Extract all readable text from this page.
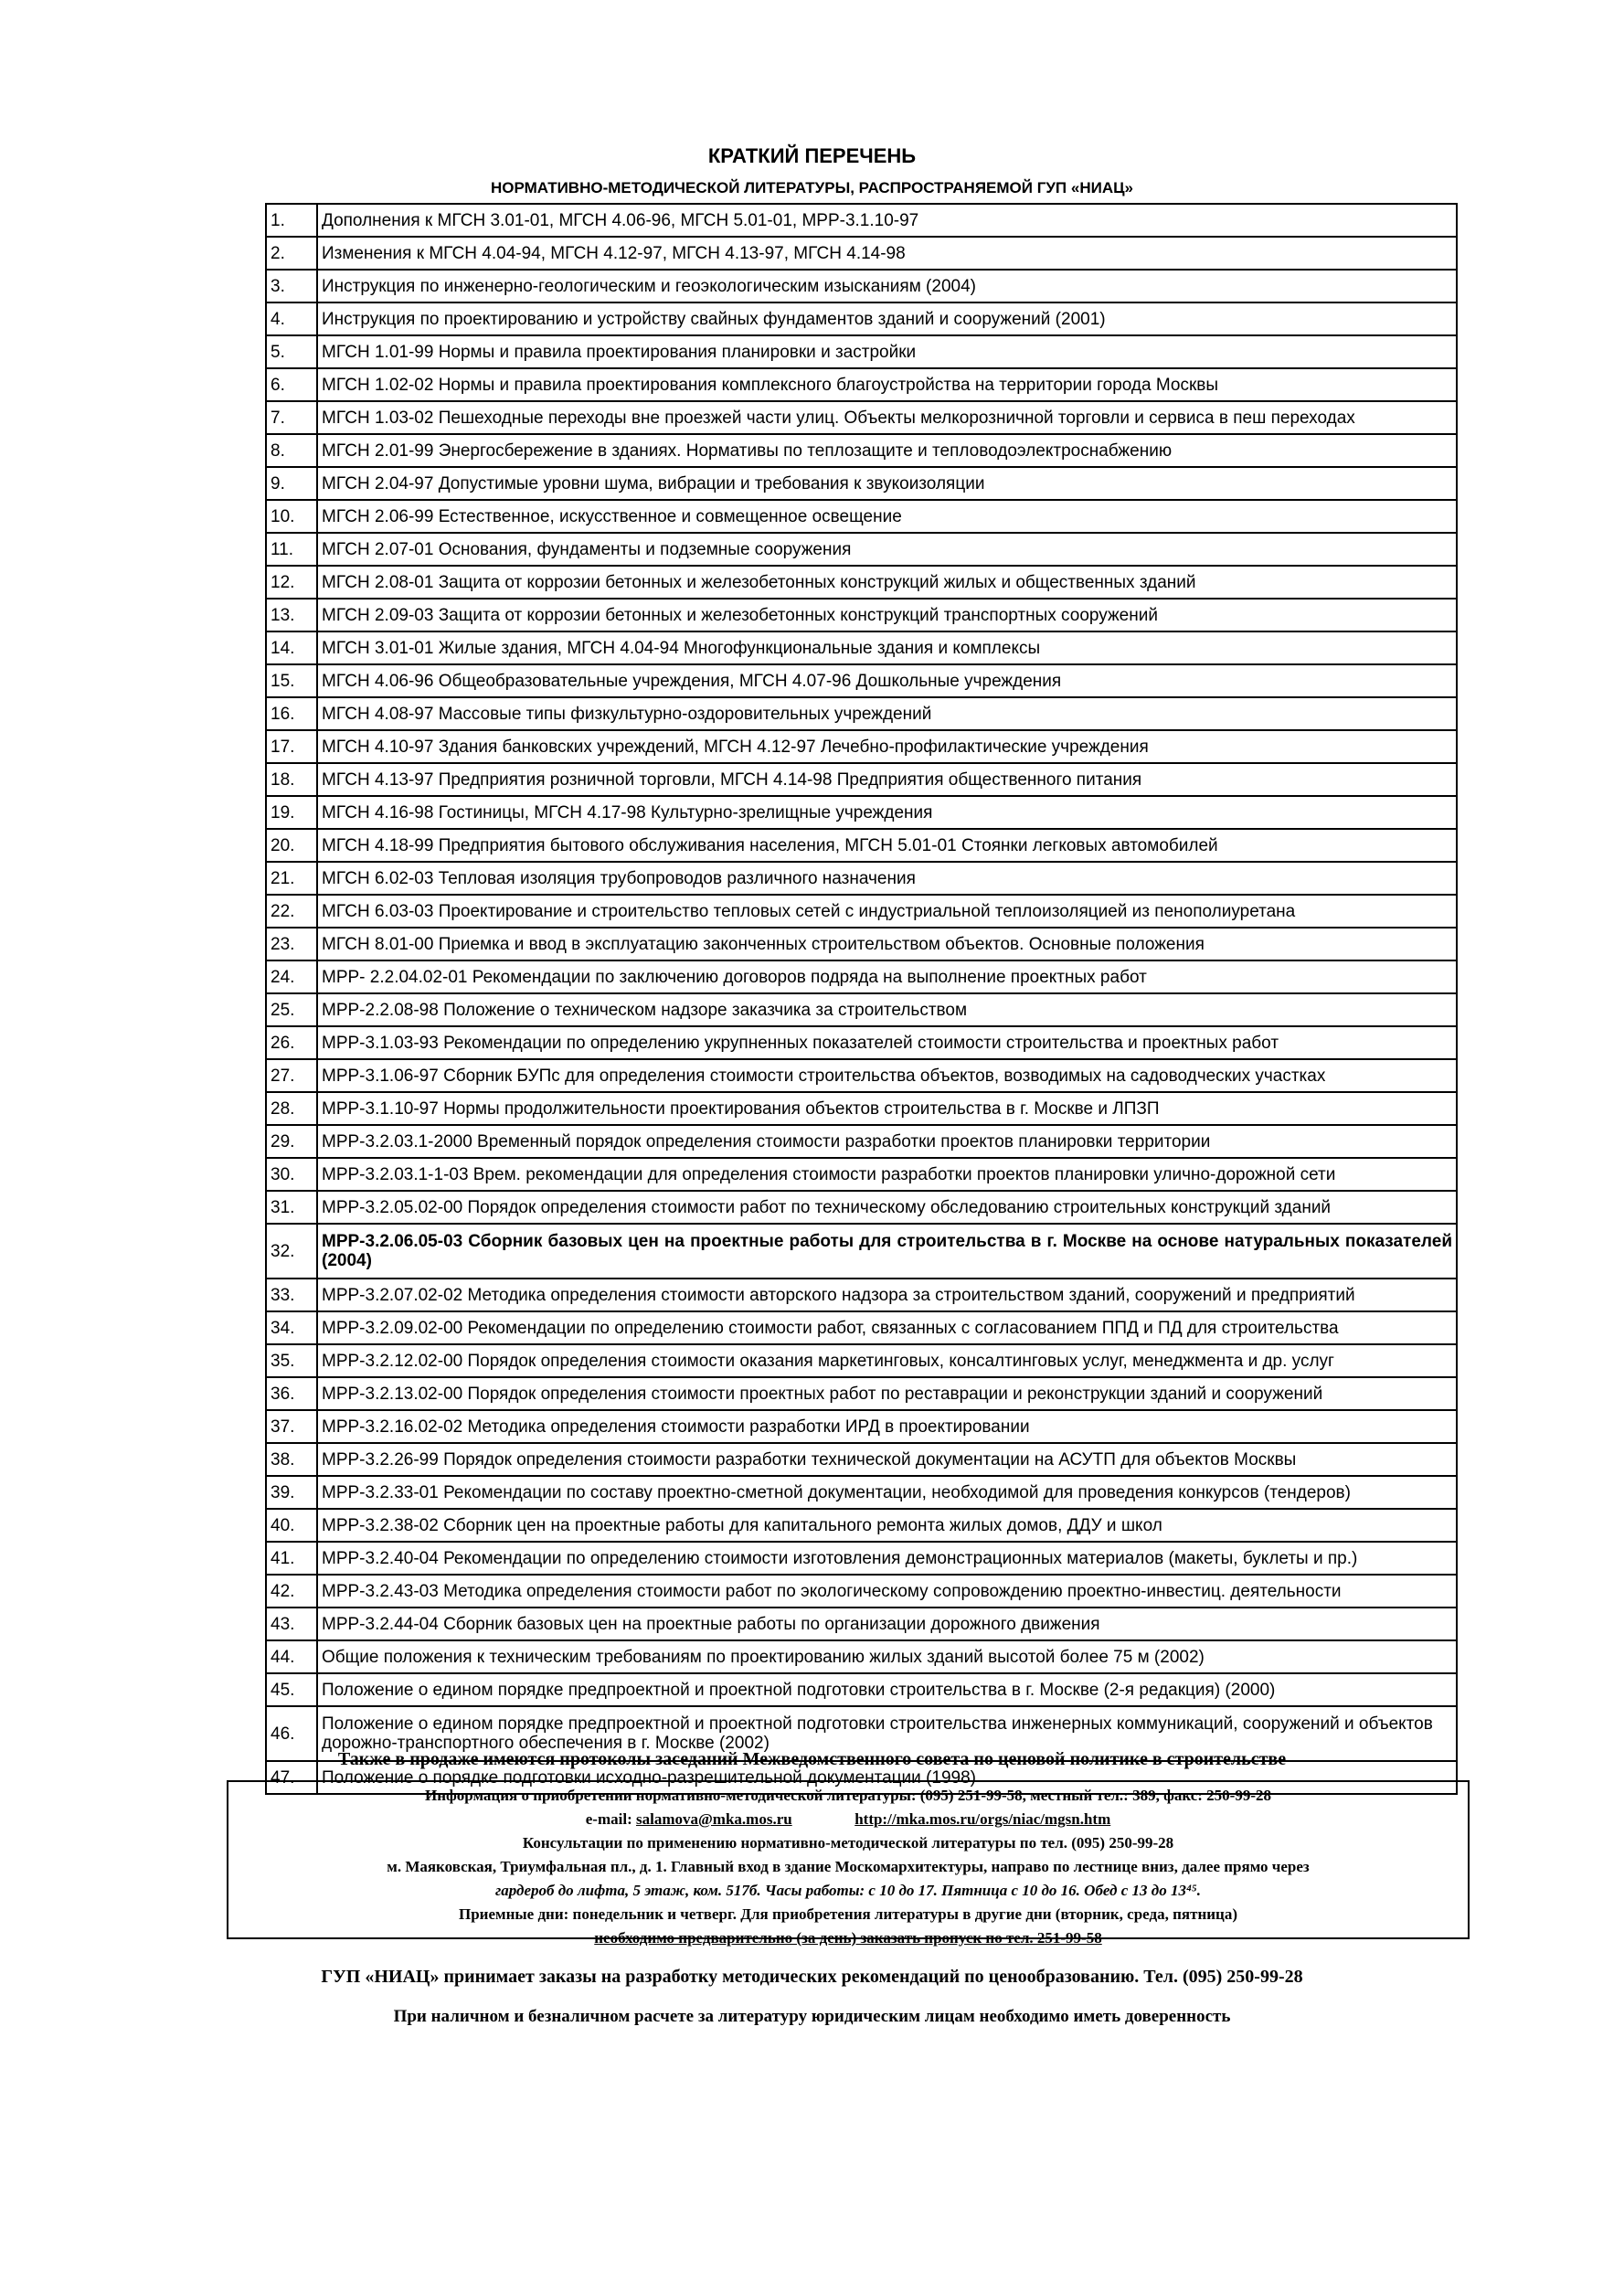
КРАТКИЙ ПЕРЕЧЕНЬ
НОРМАТИВНО-МЕТОДИЧЕСКОЙ ЛИТЕРАТУРЫ, РАСПРОСТРАНЯЕМОЙ ГУП «НИАЦ»
1.	Дополнения к МГСН 3.01-01, МГСН 4.06-96, МГСН 5.01-01, МРР-3.1.10-97
2.	Изменения к МГСН 4.04-94, МГСН 4.12-97, МГСН 4.13-97, МГСН 4.14-98
3.	Инструкция по инженерно-геологическим и геоэкологическим изысканиям (2004)
4.	Инструкция по проектированию и устройству свайных фундаментов зданий и сооружений (2001)
5.	МГСН 1.01-99 Нормы и правила проектирования планировки и застройки
6.	МГСН 1.02-02 Нормы и правила проектирования комплексного благоустройства на территории города Москвы
7.	МГСН 1.03-02 Пешеходные переходы вне проезжей части улиц. Объекты мелкорозничной торговли и сервиса в пеш переходах
8.	МГСН 2.01-99 Энергосбережение в зданиях. Нормативы по теплозащите и тепловодоэлектроснабжению
9.	МГСН 2.04-97 Допустимые уровни шума, вибрации и требования к звукоизоляции
10.	МГСН 2.06-99 Естественное, искусственное и совмещенное освещение
11.	МГСН 2.07-01 Основания, фундаменты и подземные сооружения
12.	МГСН 2.08-01 Защита от коррозии бетонных и железобетонных конструкций жилых и общественных зданий
13.	МГСН 2.09-03 Защита от коррозии бетонных и железобетонных конструкций транспортных сооружений
14.	МГСН 3.01-01 Жилые здания, МГСН 4.04-94 Многофункциональные здания и комплексы
15.	МГСН 4.06-96 Общеобразовательные учреждения, МГСН 4.07-96 Дошкольные учреждения
16.	МГСН 4.08-97 Массовые типы физкультурно-оздоровительных учреждений
17.	МГСН 4.10-97 Здания банковских учреждений, МГСН 4.12-97 Лечебно-профилактические учреждения
18.	МГСН 4.13-97 Предприятия розничной торговли, МГСН 4.14-98 Предприятия общественного питания
19.	МГСН 4.16-98 Гостиницы, МГСН 4.17-98 Культурно-зрелищные учреждения
20.	МГСН 4.18-99 Предприятия бытового обслуживания населения, МГСН 5.01-01 Стоянки легковых автомобилей
21.	МГСН 6.02-03 Тепловая изоляция трубопроводов различного назначения
22.	МГСН 6.03-03 Проектирование и строительство тепловых сетей с индустриальной теплоизоляцией из пенополиуретана
23.	МГСН 8.01-00 Приемка и ввод в эксплуатацию законченных строительством объектов. Основные положения
24.	МРР- 2.2.04.02-01 Рекомендации по заключению договоров подряда на выполнение проектных работ
25.	МРР-2.2.08-98 Положение о техническом надзоре заказчика за строительством
26.	МРР-3.1.03-93 Рекомендации по определению укрупненных показателей стоимости строительства и проектных работ
27.	МРР-3.1.06-97 Сборник БУПс для определения стоимости строительства объектов, возводимых на садоводческих участках
28.	МРР-3.1.10-97 Нормы продолжительности проектирования объектов строительства в г. Москве и ЛПЗП
29.	МРР-3.2.03.1-2000 Временный порядок определения стоимости разработки проектов планировки территории
30.	МРР-3.2.03.1-1-03 Врем. рекомендации для определения стоимости разработки проектов планировки улично-дорожной сети
31.	МРР-3.2.05.02-00 Порядок определения стоимости работ по техническому обследованию строительных конструкций зданий
32.	МРР-3.2.06.05-03 Сборник базовых цен на проектные работы для строительства в г. Москве на основе натуральных показателей (2004)
33.	МРР-3.2.07.02-02 Методика определения стоимости авторского надзора за строительством зданий, сооружений и предприятий
34.	МРР-3.2.09.02-00 Рекомендации по определению стоимости работ, связанных с согласованием ППД и ПД для строительства
35.	МРР-3.2.12.02-00 Порядок определения стоимости оказания маркетинговых, консалтинговых услуг, менеджмента и др. услуг
36.	МРР-3.2.13.02-00 Порядок определения стоимости проектных работ по реставрации и реконструкции зданий и сооружений
37.	МРР-3.2.16.02-02 Методика определения стоимости разработки ИРД в проектировании
38.	МРР-3.2.26-99 Порядок определения стоимости разработки технической документации на АСУТП для объектов Москвы
39.	МРР-3.2.33-01 Рекомендации по составу проектно-сметной документации, необходимой для проведения конкурсов (тендеров)
40.	МРР-3.2.38-02 Сборник цен на проектные работы для капитального ремонта жилых домов, ДДУ и школ
41.	МРР-3.2.40-04 Рекомендации по определению стоимости изготовления демонстрационных материалов (макеты, буклеты и пр.)
42.	МРР-3.2.43-03 Методика определения стоимости работ по экологическому сопровождению проектно-инвестиц. деятельности
43.	МРР-3.2.44-04 Сборник базовых цен на проектные работы по организации дорожного движения
44.	Общие положения к техническим требованиям по проектированию жилых зданий высотой более 75 м (2002)
45.	Положение о едином порядке предпроектной и проектной подготовки строительства в г. Москве (2-я редакция) (2000)
46.	Положение о едином порядке предпроектной и проектной подготовки строительства инженерных коммуникаций, сооружений и объектов дорожно-транспортного обеспечения в г. Москве (2002)
47.	Положение о порядке подготовки исходно-разрешительной документации (1998)
Также в продаже имеются протоколы заседаний Межведомственного совета по ценовой политике в строительстве
Информация о приобретении нормативно-методической литературы: (095) 251-99-58, местный тел.: 389, факс: 250-99-28
e-mail: salamova@mka.mos.ru	http://mka.mos.ru/orgs/niac/mgsn.htm
Консультации по применению нормативно-методической литературы по тел. (095) 250-99-28
м. Маяковская, Триумфальная пл., д. 1. Главный вход в здание Москомархитектуры, направо по лестнице вниз, далее прямо через
гардероб до лифта, 5 этаж, ком. 517б. Часы работы: с 10 до 17. Пятница с 10 до 16. Обед с 13 до 13⁴⁵.
Приемные дни: понедельник и четверг. Для приобретения литературы в другие дни (вторник, среда, пятница)
необходимо предварительно (за день) заказать пропуск по тел. 251-99-58
ГУП «НИАЦ» принимает заказы на разработку методических рекомендаций по ценообразованию. Тел. (095) 250-99-28
При наличном и безналичном расчете за литературу юридическим лицам необходимо иметь доверенность
